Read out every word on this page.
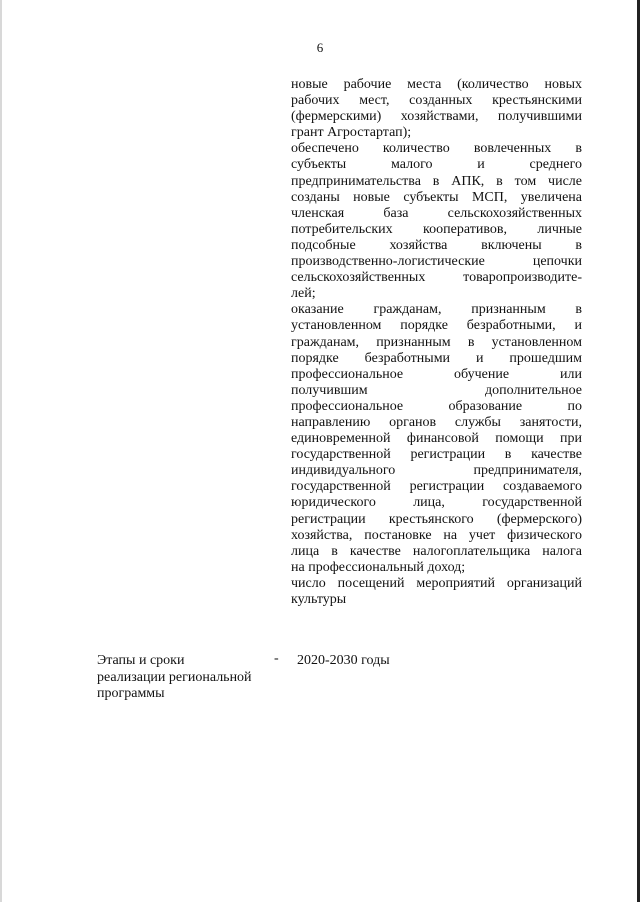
6
новые рабочие места (количество новых
рабочих мест, созданных крестьянскими
(фермерскими) хозяйствами, получившими
грант Агростартап);
обеспечено количество вовлеченных в
субъекты малого и среднего
предпринимательства в АПК, в том числе
созданы новые субъекты МСП, увеличена
членская база сельскохозяйственных
потребительских кооперативов, личные
подсобные хозяйства включены в
производственно-логистические цепочки
сельскохозяйственных товаропроизводите-
лей;
оказание гражданам, признанным в
установленном порядке безработными, и
гражданам, признанным в установленном
порядке безработными и прошедшим
профессиональное обучение или
получившим дополнительное
профессиональное образование по
направлению органов службы занятости,
единовременной финансовой помощи при
государственной регистрации в качестве
индивидуального предпринимателя,
государственной регистрации создаваемого
юридического лица, государственной
регистрации крестьянского (фермерского)
хозяйства, постановке на учет физического
лица в качестве налогоплательщика налога
на профессиональный доход;
число посещений мероприятий организаций
культуры
Этапы и сроки
реализации региональной
программы
- 2020-2030 годы
